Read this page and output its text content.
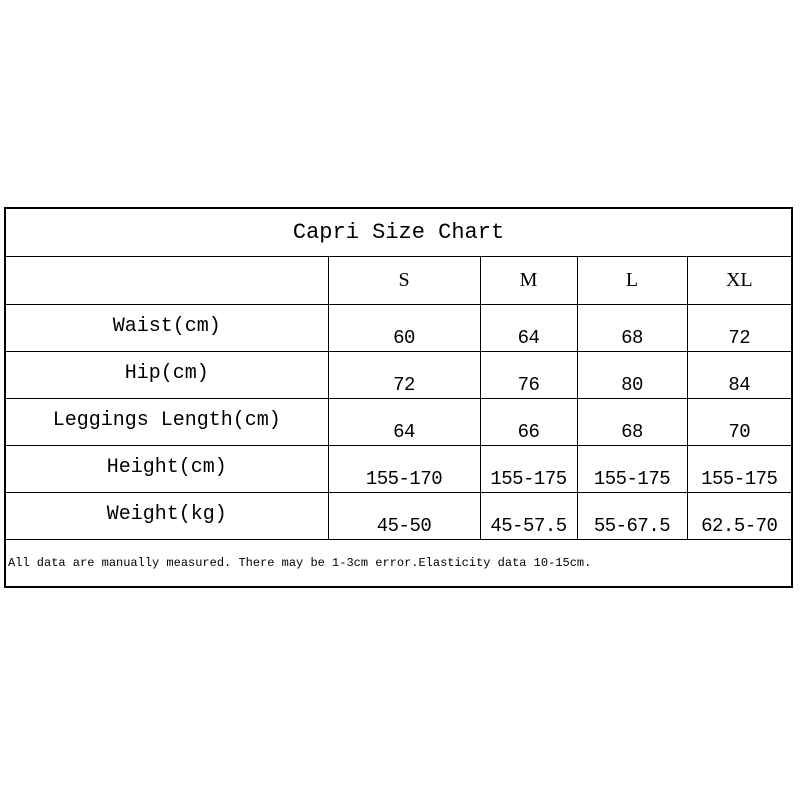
Capri Size Chart				
	S	M	L	XL
Waist(cm)	60	64	68	72
Hip(cm)	72	76	80	84
Leggings Length(cm)	64	66	68	70
Height(cm)	155-170	155-175	155-175	155-175
Weight(kg)	45-50	45-57.5	55-67.5	62.5-70
All data are manually measured. There may be 1-3cm error.Elasticity data 10-15cm.				
